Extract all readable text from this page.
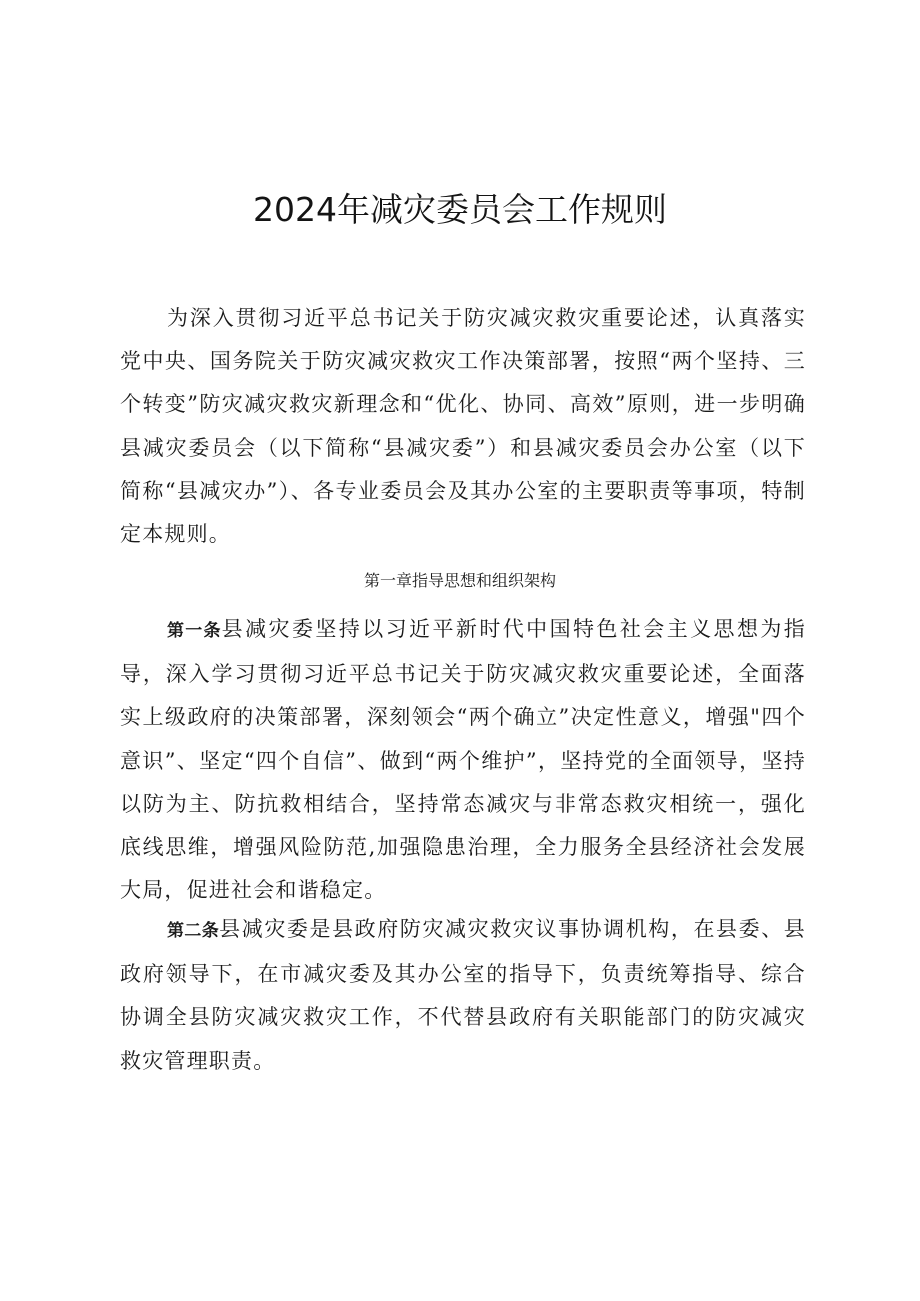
2024年减灾委员会工作规则

为深入贯彻习近平总书记关于防灾减灾救灾重要论述，认真落实党中央、国务院关于防灾减灾救灾工作决策部署，按照“两个坚持、三个转变”防灾减灾救灾新理念和“优化、协同、高效”原则，进一步明确县减灾委员会（以下简称“县减灾委”）和县减灾委员会办公室（以下简称“县减灾办”）、各专业委员会及其办公室的主要职责等事项，特制定本规则。

第一章指导思想和组织架构

第一条县减灾委坚持以习近平新时代中国特色社会主义思想为指导，深入学习贯彻习近平总书记关于防灾减灾救灾重要论述，全面落实上级政府的决策部署，深刻领会“两个确立”决定性意义，增强"四个意识”、坚定“四个自信”、做到“两个维护”，坚持党的全面领导，坚持以防为主、防抗救相结合，坚持常态减灾与非常态救灾相统一，强化底线思维，增强风险防范,加强隐患治理，全力服务全县经济社会发展大局，促进社会和谐稳定。

第二条县减灾委是县政府防灾减灾救灾议事协调机构，在县委、县政府领导下，在市减灾委及其办公室的指导下，负责统筹指导、综合协调全县防灾减灾救灾工作，不代替县政府有关职能部门的防灾减灾救灾管理职责。
